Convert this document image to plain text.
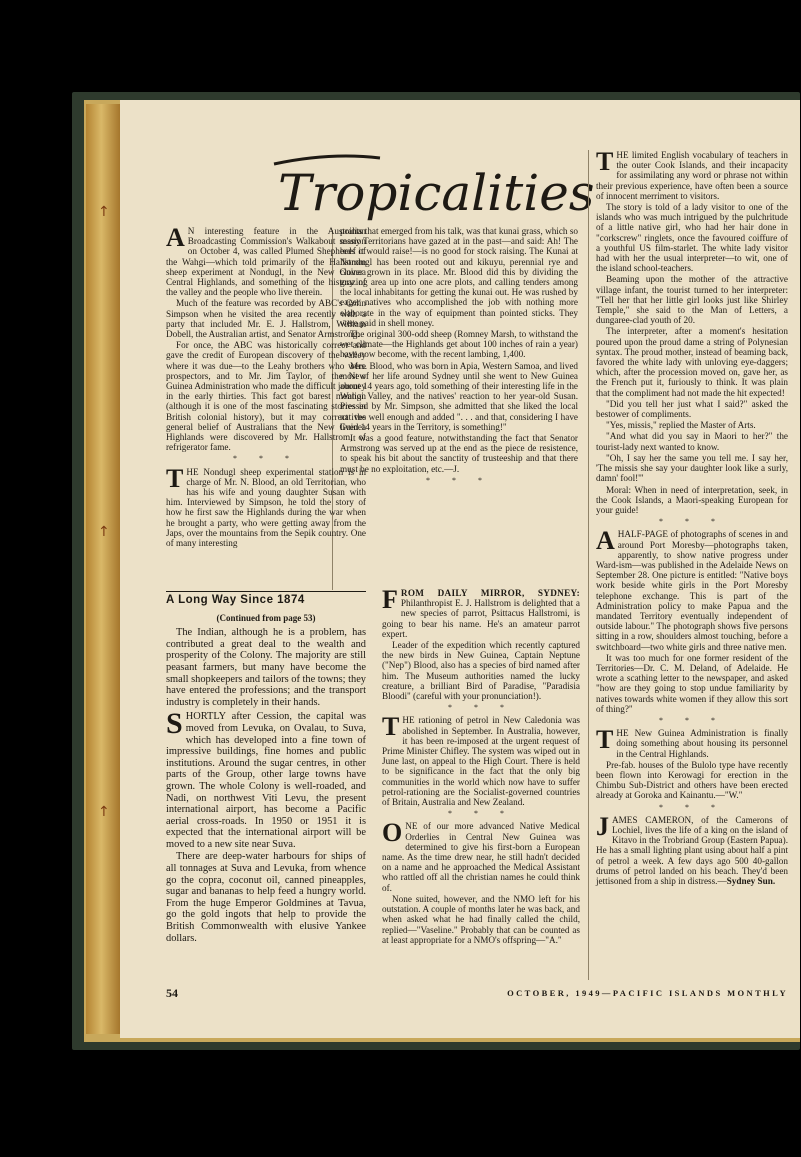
↑
↑
↑
Tropicalities

A N interesting feature in the Australian Broadcasting Commission's Walkabout session on October 4, was called Plumed Shepherds of the Wahgi—which told primarily of the Hallstrom sheep experiment at Nondugl, in the New Guinea Central Highlands, and something of the history of the valley and the people who live therein.

Much of the feature was recorded by ABC's Colin Simpson when he visited the area recently with a party that included Mr. E. J. Hallstrom, William Dobell, the Australian artist, and Senator Armstrong.

For once, the ABC was historically correct and gave the credit of European discovery of the valley where it was due—to the Leahy brothers who were prospectors, and to Mr. Jim Taylor, of the New Guinea Administration who made the difficult journey in the early thirties. This fact got barest mention (although it is one of the most fascinating stories in British colonial history), but it may correct the general belief of Australians that the New Guinea Highlands were discovered by Mr. Hallstrom, of refrigerator fame.

* * *

THE Nondugl sheep experimental station is in charge of Mr. N. Blood, an old Territorian, who has his wife and young daughter Susan with him. Interviewed by Simpson, he told the story of how he first saw the Highlands during the war when he brought a party, who were getting away from the Japs, over the mountains from the Sepik country. One of many interesting

A Long Way Since 1874
(Continued from page 53)

The Indian, although he is a problem, has contributed a great deal to the wealth and prosperity of the Colony. The majority are still peasant farmers, but many have become the small shopkeepers and tailors of the towns; they have entered the professions; and the transport industry is completely in their hands.

SHORTLY after Cession, the capital was moved from Levuka, on Ovalau, to Suva, which has developed into a fine town of impressive buildings, fine homes and public institutions. Around the sugar centres, in other parts of the Group, other large towns have grown. The whole Colony is well-roaded, and Nadi, on northwest Viti Levu, the present international airport, has become a Pacific aerial cross-roads. In 1950 or 1951 it is expected that the international airport will be moved to a new site near Suva.

There are deep-water harbours for ships of all tonnages at Suva and Levuka, from whence go the copra, coconut oil, canned pineapples, sugar and bananas to help feed a hungry world. From the huge Emperor Goldmines at Tavua, go the gold ingots that help to provide the British Commonwealth with elusive Yankee dollars.

points that emerged from his talk, was that kunai grass, which so many Territorians have gazed at in the past—and said: Ah! The beef it would raise!—is no good for stock raising. The Kunai at Nondugl has been rooted out and kikuyu, perennial rye and clover grown in its place. Mr. Blood did this by dividing the grazing area up into one acre plots, and calling tenders among the local inhabitants for getting the kunai out. He was rushed by eager natives who accomplished the job with nothing more elaborate in the way of equipment than pointed sticks. They were paid in shell money.

The original 300-odd sheep (Romney Marsh, to withstand the wet climate—the Highlands get about 100 inches of rain a year) have now become, with the recent lambing, 1,400.

Mrs. Blood, who was born in Apia, Western Samoa, and lived most of her life around Sydney until she went to New Guinea about 14 years ago, told something of their interesting life in the Wahgi Valley, and the natives' reaction to her year-old Susan. Pressed by Mr. Simpson, she admitted that she liked the local natives well enough and added ". . . and that, considering I have lived 14 years in the Territory, is something!"

It was a good feature, notwithstanding the fact that Senator Armstrong was served up at the end as the piece de resistence, to speak his bit about the sanctity of trusteeship and that there must be no exploitation, etc.—J.

* * *

FROM DAILY MIRROR, SYDNEY: Philanthropist E. J. Hallstrom is delighted that a new species of parrot, Psittacus Hallstromi, is going to bear his name. He's an amateur parrot expert.

Leader of the expedition which recently captured the new birds in New Guinea, Captain Neptune ("Nep") Blood, also has a species of bird named after him. The Museum authorities named the lucky creature, a brilliant Bird of Paradise, "Paradisia Bloodi" (careful with your pronunciation!).

* * *

THE rationing of petrol in New Caledonia was abolished in September. In Australia, however, it has been re-imposed at the urgent request of Prime Minister Chifley. The system was wiped out in June last, on appeal to the High Court. There is held to be significance in the fact that the only big communities in the world which now have to suffer petrol-rationing are the Socialist-governed countries of Britain, Australia and New Zealand.

* * *

ONE of our more advanced Native Medical Orderlies in Central New Guinea was determined to give his first-born a European name. As the time drew near, he still hadn't decided on a name and he approached the Medical Assistant who rattled off all the christian names he could think of.

None suited, however, and the NMO left for his outstation. A couple of months later he was back, and when asked what he had finally called the child, replied—"Vaseline." Probably that can be counted as at least appropriate for a NMO's offspring—"A."

THE limited English vocabulary of teachers in the outer Cook Islands, and their incapacity for assimilating any word or phrase not within their previous experience, have often been a source of innocent merriment to visitors.

The story is told of a lady visitor to one of the islands who was much intrigued by the pulchritude of a little native girl, who had her hair done in "corkscrew" ringlets, once the favoured coiffure of a youthful US film-starlet. The white lady visitor had with her the usual interpreter—to wit, one of the island school-teachers.

Beaming upon the mother of the attractive village infant, the tourist turned to her interpreter: "Tell her that her little girl looks just like Shirley Temple," she said to the Man of Letters, a dungaree-clad youth of 20.

The interpreter, after a moment's hesitation poured upon the proud dame a string of Polynesian syntax. The proud mother, instead of beaming back, favored the white lady with unloving eye-daggers; which, after the procession moved on, gave her, as the French put it, furiously to think. It was plain that the compliment had not made the hit expected!

"Did you tell her just what I said?" asked the bestower of compliments.

"Yes, missis," replied the Master of Arts.

"And what did you say in Maori to her?" the tourist-lady next wanted to know.

"Oh, I say her the same you tell me. I say her, 'The missis she say your daughter look like a surly, damn' fool!'"

Moral: When in need of interpretation, seek, in the Cook Islands, a Maori-speaking European for your guide!

* * *

AHALF-PAGE of photographs of scenes in and around Port Moresby—photographs taken, apparently, to show native progress under Ward-ism—was published in the Adelaide News on September 28. One picture is entitled: "Native boys work beside white girls in the Port Moresby telephone exchange. This is part of the Administration policy to make Papua and the mandated Territory eventually independent of outside labour." The photograph shows five persons sitting in a row, shoulders almost touching, before a switchboard—two white girls and three native men.

It was too much for one former resident of the Territories—Dr. C. M. Deland, of Adelaide. He wrote a scathing letter to the newspaper, and asked "how are they going to stop undue familiarity by natives towards white women if they allow this sort of thing?"

* * *

THE New Guinea Administration is finally doing something about housing its personnel in the Central Highlands.

Pre-fab. houses of the Bulolo type have recently been flown into Kerowagi for erection in the Chimbu Sub-District and others have been erected already at Goroka and Kainantu.—"W."

* * *

JAMES CAMERON, of the Camerons of Lochiel, lives the life of a king on the island of Kitavo in the Trobriand Group (Eastern Papua). He has a small lighting plant using about half a pint of petrol a week. A few days ago 500 40-gallon drums of petrol landed on his beach. They'd been jettisoned from a ship in distress.—Sydney Sun.

54	OCTOBER, 1949—PACIFIC ISLANDS MONTHLY
